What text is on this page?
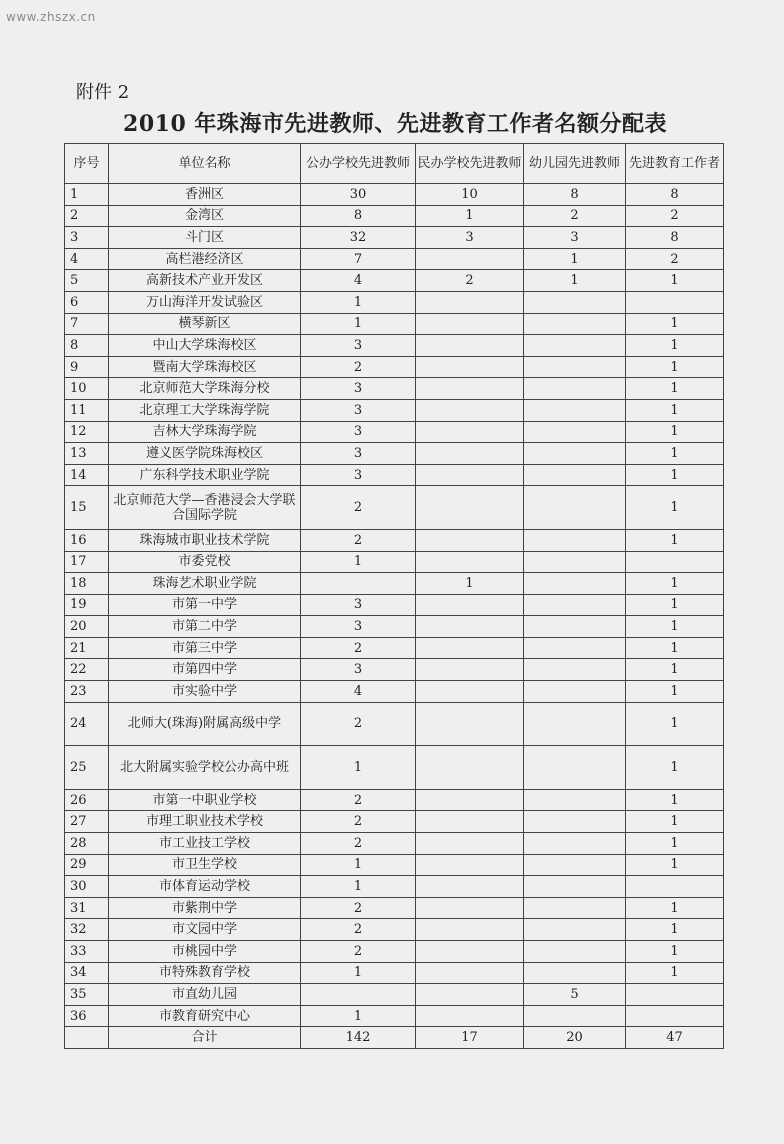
www.zhszx.cn
附件 2
2010 年珠海市先进教师、先进教育工作者名额分配表
序号	单位名称	公办学校先进教师	民办学校先进教师	幼儿园先进教师	先进教育工作者
1	香洲区	30	10	8	8
2	金湾区	8	1	2	2
3	斗门区	32	3	3	8
4	高栏港经济区	7		1	2
5	高新技术产业开发区	4	2	1	1
6	万山海洋开发试验区	1			
7	横琴新区	1			1
8	中山大学珠海校区	3			1
9	暨南大学珠海校区	2			1
10	北京师范大学珠海分校	3			1
11	北京理工大学珠海学院	3			1
12	吉林大学珠海学院	3			1
13	遵义医学院珠海校区	3			1
14	广东科学技术职业学院	3			1
15	北京师范大学—香港浸会大学联合国际学院	2			1
16	珠海城市职业技术学院	2			1
17	市委党校	1			
18	珠海艺术职业学院		1		1
19	市第一中学	3			1
20	市第二中学	3			1
21	市第三中学	2			1
22	市第四中学	3			1
23	市实验中学	4			1
24	北师大(珠海)附属高级中学	2			1
25	北大附属实验学校公办高中班	1			1
26	市第一中职业学校	2			1
27	市理工职业技术学校	2			1
28	市工业技工学校	2			1
29	市卫生学校	1			1
30	市体育运动学校	1			
31	市紫荆中学	2			1
32	市文园中学	2			1
33	市桃园中学	2			1
34	市特殊教育学校	1			1
35	市直幼儿园			5	
36	市教育研究中心	1			
	合计	142	17	20	47
